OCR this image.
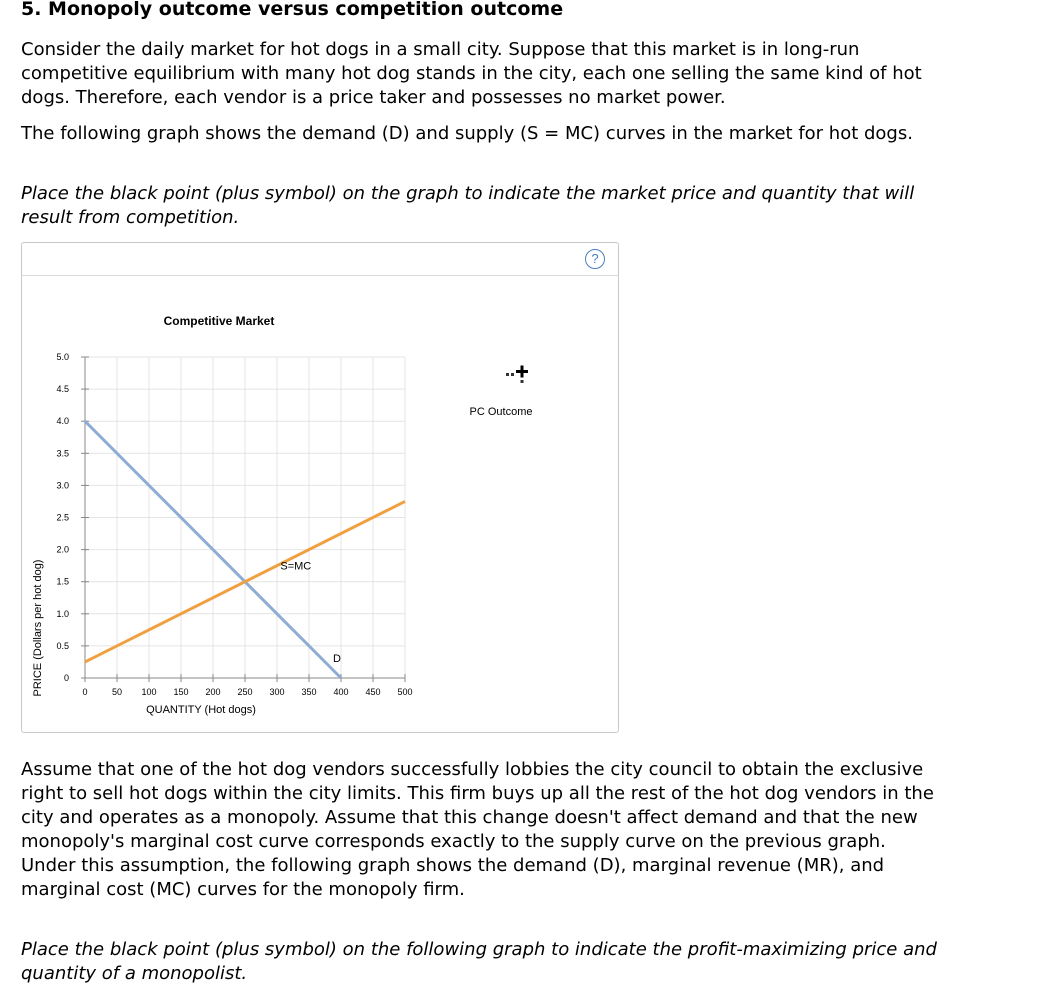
5. Monopoly outcome versus competition outcome

Consider the daily market for hot dogs in a small city. Suppose that this market is in long-run competitive equilibrium with many hot dog stands in the city, each one selling the same kind of hot dogs. Therefore, each vendor is a price taker and possesses no market power.

The following graph shows the demand (D) and supply (S = MC) curves in the market for hot dogs.

Place the black point (plus symbol) on the graph to indicate the market price and quantity that will result from competition.

?
Competitive Market
0	50 100 150 200 250 300 350 400 450 500
0
0.5
1.0
1.5
2.0
2.5
3.0
3.5
4.0
4.5
5.0
D
S=MC
QUANTITY (Hot dogs)
PRICE (Dollars per hot dog)
PC Outcome

Assume that one of the hot dog vendors successfully lobbies the city council to obtain the exclusive right to sell hot dogs within the city limits. This firm buys up all the rest of the hot dog vendors in the city and operates as a monopoly. Assume that this change doesn't affect demand and that the new monopoly's marginal cost curve corresponds exactly to the supply curve on the previous graph. Under this assumption, the following graph shows the demand (D), marginal revenue (MR), and marginal cost (MC) curves for the monopoly firm.

Place the black point (plus symbol) on the following graph to indicate the profit-maximizing price and quantity of a monopolist.
